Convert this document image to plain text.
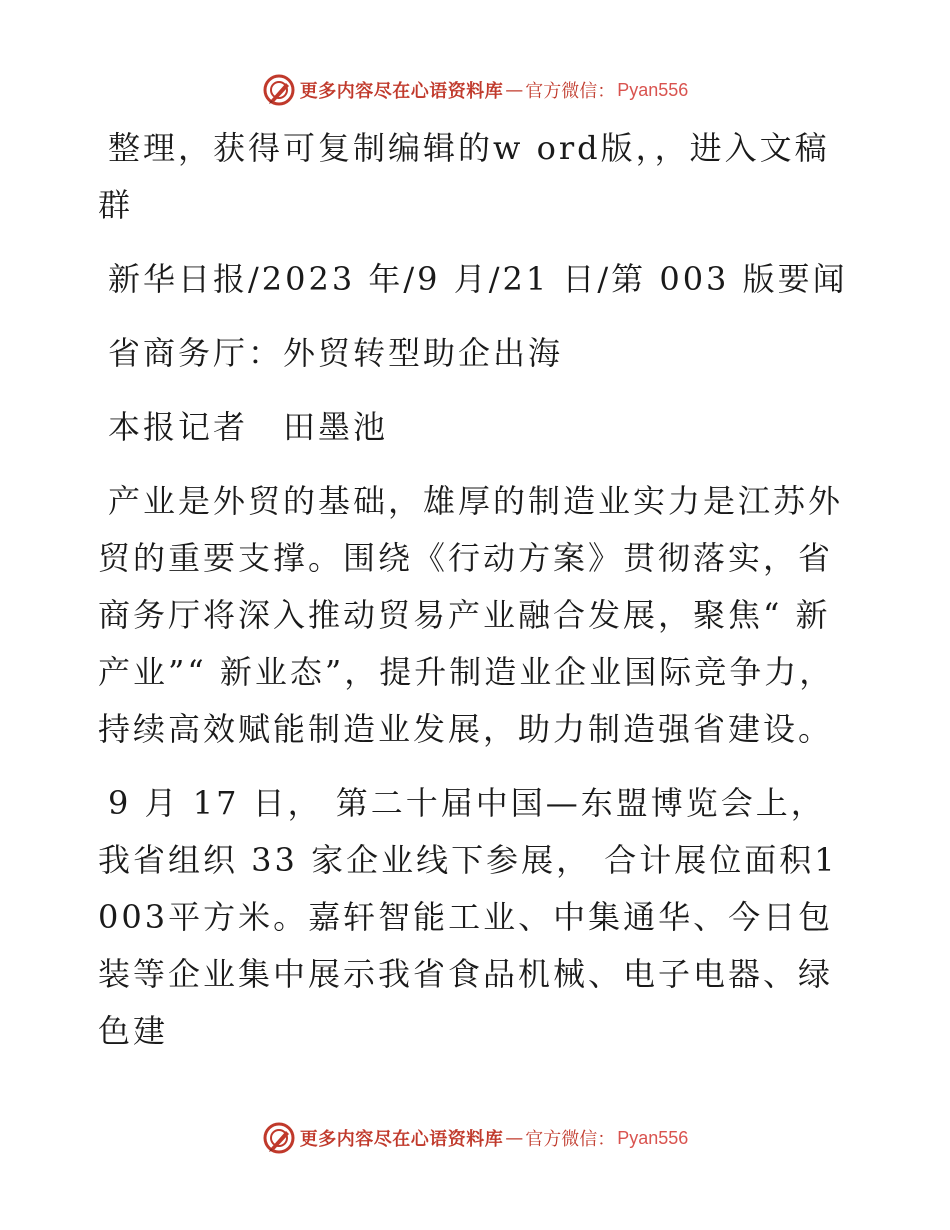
更多内容尽在心语资料库 — 官方微信： Pyan556

整理，获得可复制编辑的w ord版，，进入文稿群

新华日报/2023 年/9 月/21 日/第 003 版要闻

省商务厅：外贸转型助企出海

本报记者　田墨池

产业是外贸的基础，雄厚的制造业实力是江苏外贸的重要支撑。围绕《行动方案》贯彻落实，省商务厅将深入推动贸易产业融合发展，聚焦“ 新产业”“ 新业态”，提升制造业企业国际竞争力，持续高效赋能制造业发展，助力制造强省建设。

9 月 17 日， 第二十届中国—东盟博览会上，我省组织 33 家企业线下参展， 合计展位面积1003平方米。嘉轩智能工业、中集通华、今日包装等企业集中展示我省食品机械、电子电器、绿色建

更多内容尽在心语资料库 — 官方微信： Pyan556
